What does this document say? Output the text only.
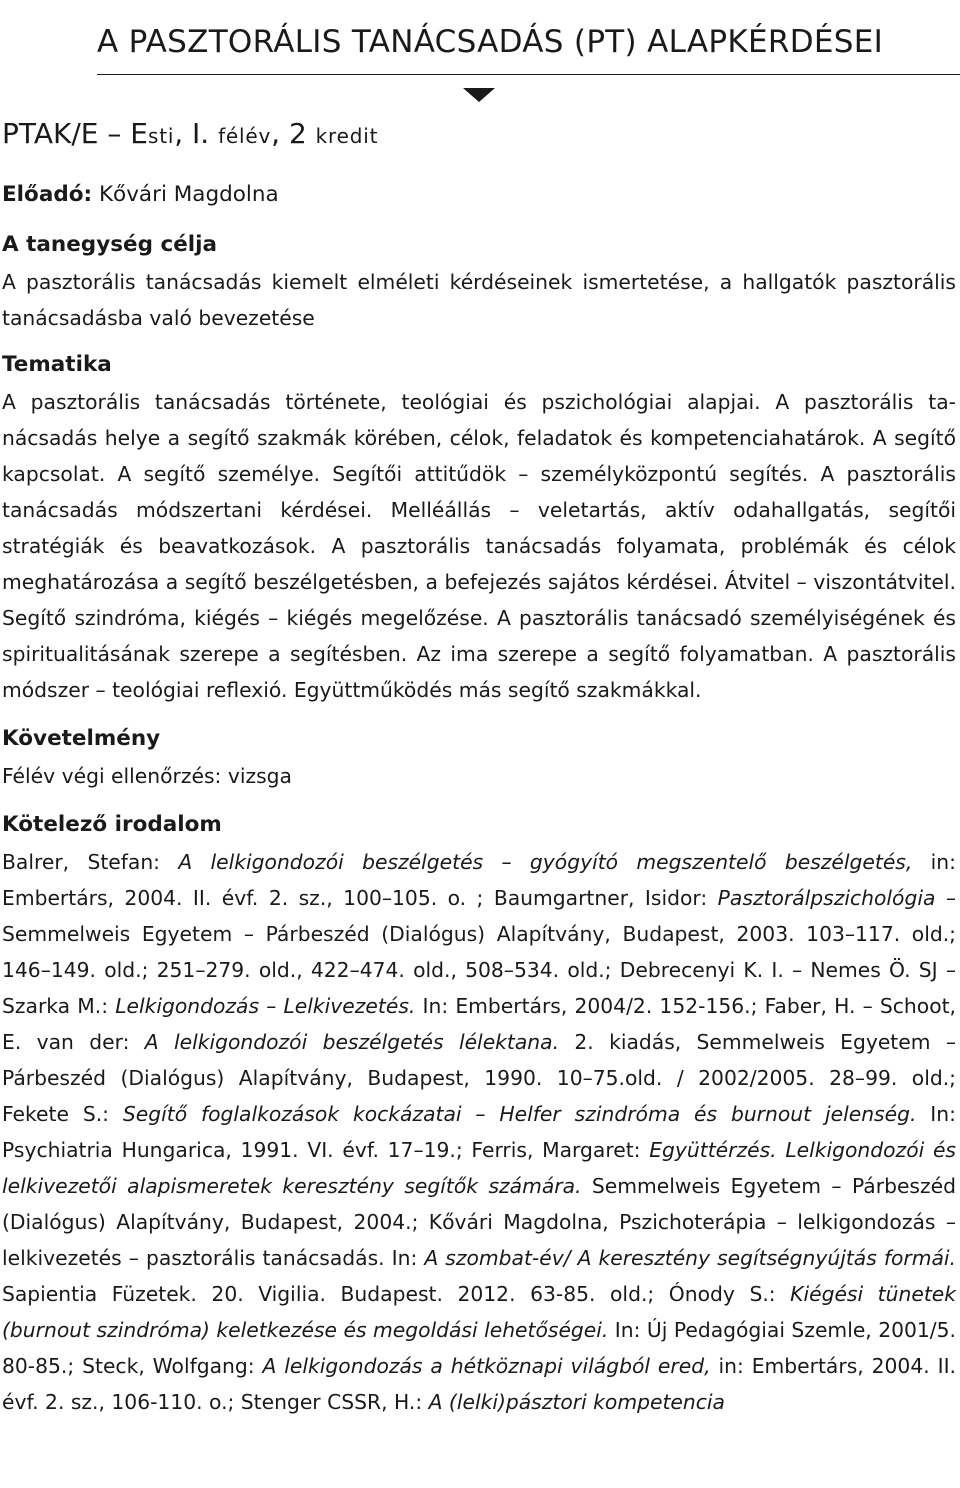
A PASZTORÁLIS TANÁCSADÁS (PT) ALAPKÉRDÉSEI

PTAK/E – Esti, I. félév, 2 kredit

Előadó: Kővári Magdolna

A tanegység célja

A pasztorális tanácsadás kiemelt elméleti kérdéseinek ismertetése, a hallgatók pasztorális tanácsadásba való bevezetése

Tematika

A pasztorális tanácsadás története, teológiai és pszichológiai alapjai. A pasztorális tanácsadás helye a segítő szakmák körében, célok, feladatok és kompetenciahatárok. A segítő kapcsolat. A segítő személye. Segítői attitűdök – személyközpontú segítés. A pasztorális tanácsadás módszertani kérdései. Melléállás – veletartás, aktív odahallgatás, segítői stratégiák és beavatkozások. A pasztorális tanácsadás folyamata, problémák és célok meghatározása a segítő beszélgetésben, a befejezés sajátos kérdései. Átvitel – viszontátvitel. Segítő szindróma, kiégés – kiégés megelőzése. A pasztorális tanácsadó személyiségének és spiritualitásának szerepe a segítésben. Az ima szerepe a segítő folyamatban. A pasztorális módszer – teológiai reflexió. Együttműködés más segítő szakmákkal.

Követelmény

Félév végi ellenőrzés: vizsga

Kötelező irodalom

Balrer, Stefan: A lelkigondozói beszélgetés – gyógyító megszentelő beszélgetés, in: Embertárs, 2004. II. évf. 2. sz., 100–105. o. ; Baumgartner, Isidor: Pasztorálpszichológia – Semmelweis Egyetem – Párbeszéd (Dialógus) Alapítvány, Budapest, 2003. 103–117. old.; 146–149. old.; 251–279. old., 422–474. old., 508–534. old.; Debrecenyi K. I. – Nemes Ö. SJ – Szarka M.: Lelkigondozás – Lelkivezetés. In: Embertárs, 2004/2. 152-156.; Faber, H. – Schoot, E. van der: A lelkigondozói beszélgetés lélektana. 2. kiadás, Semmelweis Egyetem – Párbeszéd (Dialógus) Alapítvány, Budapest, 1990. 10–75.old. / 2002/2005. 28–99. old.; Fekete S.: Segítő foglalkozások kockázatai – Helfer szindróma és burnout jelenség. In: Psychiatria Hungarica, 1991. VI. évf. 17–19.; Ferris, Margaret: Együttérzés. Lelkigondozói és lelkivezetői alapismeretek keresztény segítők számára. Semmelweis Egyetem – Párbeszéd (Dialógus) Alapítvány, Budapest, 2004.; Kővári Magdolna, Pszichoterápia – lelkigondozás – lelkivezetés – pasztorális tanácsadás. In: A szombat-év/ A keresztény segítségnyújtás formái. Sapientia Füzetek. 20. Vigilia. Budapest. 2012. 63-85. old.; Ónody S.: Kiégési tünetek (burnout szindróma) keletkezése és megoldási lehetőségei. In: Új Pedagógiai Szemle, 2001/5. 80-85.; Steck, Wolfgang: A lelkigondozás a hétköznapi világból ered, in: Embertárs, 2004. II. évf. 2. sz., 106-110. o.; Stenger CSSR, H.: A (lelki)pásztori kompetencia
